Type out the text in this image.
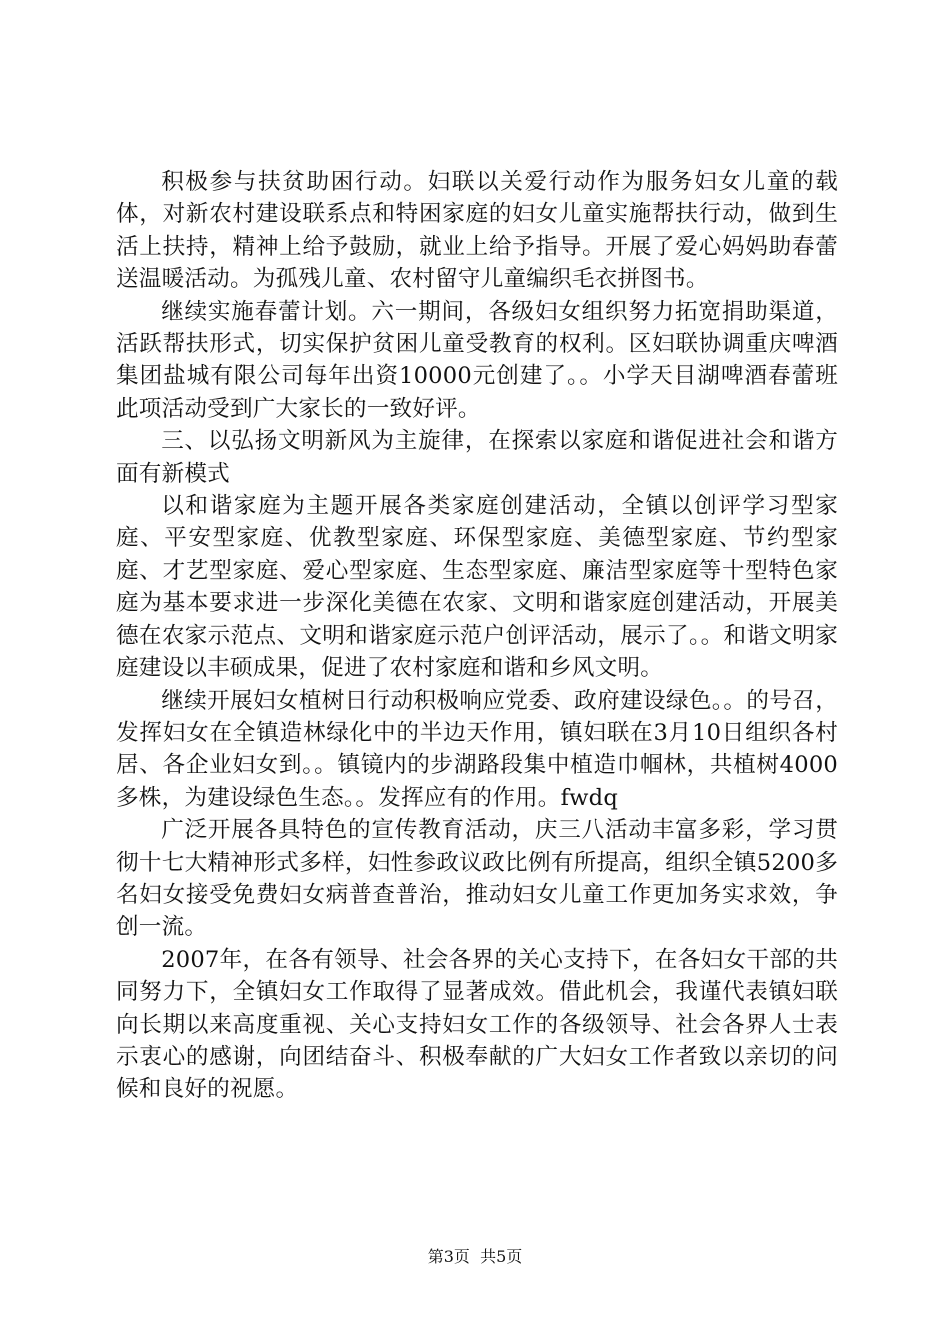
积极参与扶贫助困行动。妇联以关爱行动作为服务妇女儿童的载体，对新农村建设联系点和特困家庭的妇女儿童实施帮扶行动，做到生活上扶持，精神上给予鼓励，就业上给予指导。开展了爱心妈妈助春蕾送温暖活动。为孤残儿童、农村留守儿童编织毛衣拼图书。

继续实施春蕾计划。六一期间，各级妇女组织努力拓宽捐助渠道，活跃帮扶形式，切实保护贫困儿童受教育的权利。区妇联协调重庆啤酒集团盐城有限公司每年出资10000元创建了。。小学天目湖啤酒春蕾班此项活动受到广大家长的一致好评。

三、以弘扬文明新风为主旋律，在探索以家庭和谐促进社会和谐方面有新模式

以和谐家庭为主题开展各类家庭创建活动，全镇以创评学习型家庭、平安型家庭、优教型家庭、环保型家庭、美德型家庭、节约型家庭、才艺型家庭、爱心型家庭、生态型家庭、廉洁型家庭等十型特色家庭为基本要求进一步深化美德在农家、文明和谐家庭创建活动，开展美德在农家示范点、文明和谐家庭示范户创评活动，展示了。。和谐文明家庭建设以丰硕成果，促进了农村家庭和谐和乡风文明。

继续开展妇女植树日行动积极响应党委、政府建设绿色。。的号召，发挥妇女在全镇造林绿化中的半边天作用，镇妇联在3月10日组织各村居、各企业妇女到。。镇镜内的步湖路段集中植造巾帼林，共植树4000多株，为建设绿色生态。。发挥应有的作用。fwdq

广泛开展各具特色的宣传教育活动，庆三八活动丰富多彩，学习贯彻十七大精神形式多样，妇性参政议政比例有所提高，组织全镇5200多名妇女接受免费妇女病普查普治，推动妇女儿童工作更加务实求效，争创一流。

2007年，在各有领导、社会各界的关心支持下，在各妇女干部的共同努力下，全镇妇女工作取得了显著成效。借此机会，我谨代表镇妇联向长期以来高度重视、关心支持妇女工作的各级领导、社会各界人士表示衷心的感谢，向团结奋斗、积极奉献的广大妇女工作者致以亲切的问候和良好的祝愿。

第3页  共5页
